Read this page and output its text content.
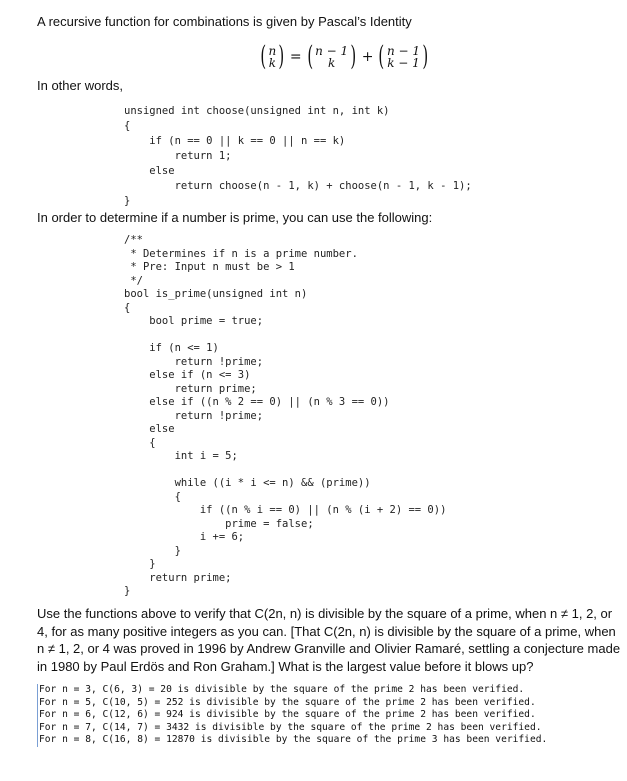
A recursive function for combinations is given by Pascal’s Identity
( n
k ) = ( n − 1
k ) + ( n − 1
k − 1 )
In other words,
unsigned int choose(unsigned int n, int k)
{
if (n == 0 || k == 0 || n == k)
return 1;
else
return choose(n - 1, k) + choose(n - 1, k - 1);
}
In order to determine if a number is prime, you can use the following:
/**
* Determines if n is a prime number.
* Pre: Input n must be > 1
*/
bool is_prime(unsigned int n)
{
bool prime = true;

if (n <= 1)
return !prime;
else if (n <= 3)
return prime;
else if ((n % 2 == 0) || (n % 3 == 0))
return !prime;
else
{
int i = 5;

while ((i * i <= n) && (prime))
{
if ((n % i == 0) || (n % (i + 2) == 0))
prime = false;
i += 6;
}
}
return prime;
}

Use the functions above to verify that C(2n, n) is divisible by the square of a prime, when n ≠ 1, 2, or 4, for as many positive integers as you can. [That C(2n, n) is divisible by the square of a prime, when n ≠ 1, 2, or 4 was proved in 1996 by Andrew Granville and Olivier Ramaré, settling a conjecture made in 1980 by Paul Erdös and Ron Graham.] What is the largest value before it blows up?

For n = 3, C(6, 3) = 20 is divisible by the square of the prime 2 has been verified.
For n = 5, C(10, 5) = 252 is divisible by the square of the prime 2 has been verified.
For n = 6, C(12, 6) = 924 is divisible by the square of the prime 2 has been verified.
For n = 7, C(14, 7) = 3432 is divisible by the square of the prime 2 has been verified.
For n = 8, C(16, 8) = 12870 is divisible by the square of the prime 3 has been verified.
